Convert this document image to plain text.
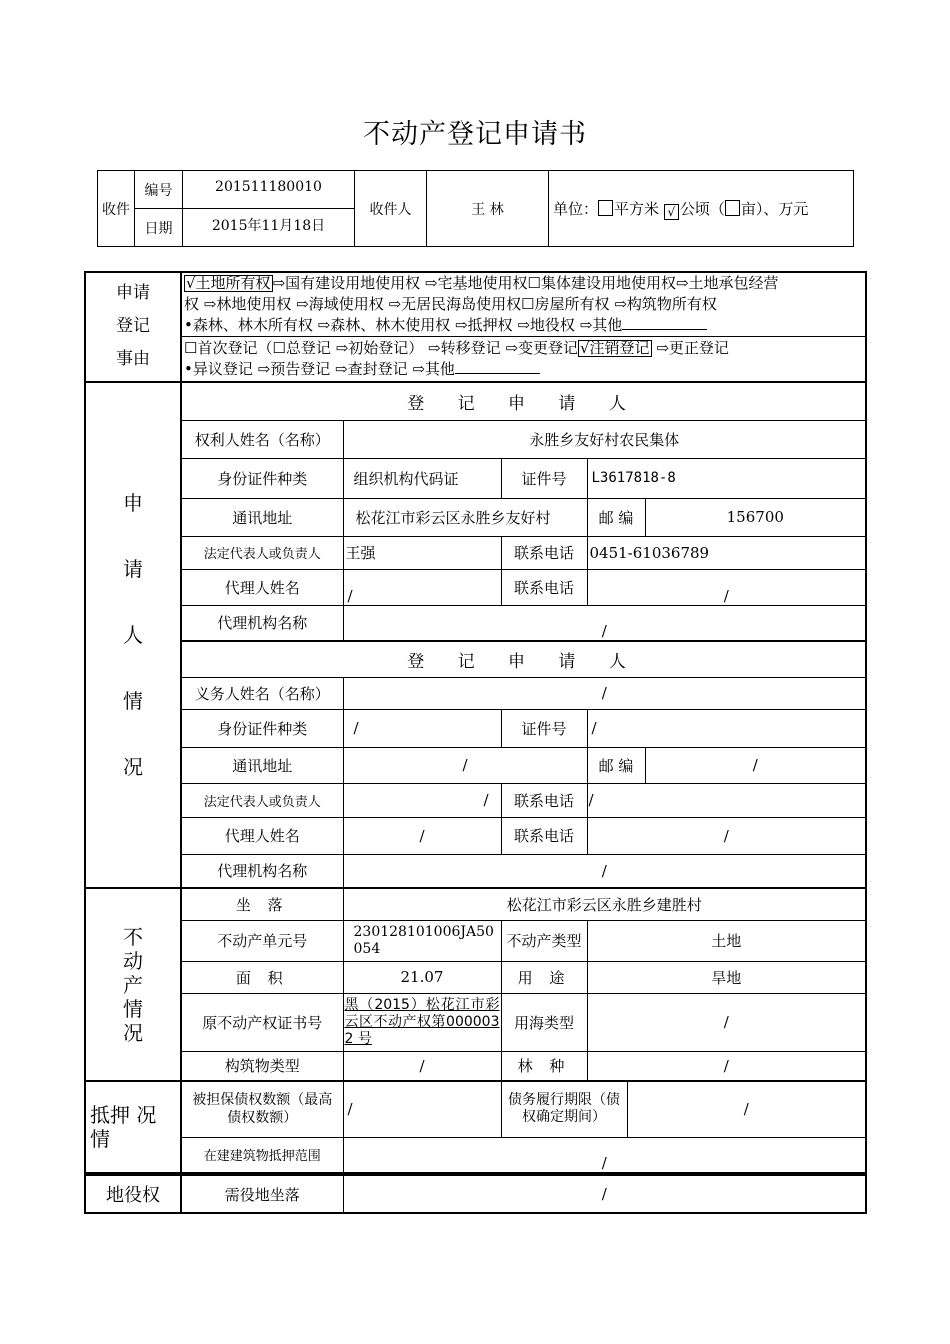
不动产登记申请书
收件	编号	201511180010	收件人	王 林	单位： 平方米 √ 公顷（ 亩）、万元
	日期	2015年11月18日			
申请
登记
事由

√土地所有权 ⇨国有建设用地使用权 ⇨宅基地使用权☐集体建设用地使用权⇨土地承包经营
权 ⇨林地使用权 ⇨海域使用权 ⇨无居民海岛使用权☐房屋所有权 ⇨构筑物所有权
•森林、林木所有权 ⇨森林、林木使用权 ⇨抵押权 ⇨地役权 ⇨其他

☐首次登记（☐总登记 ⇨初始登记） ⇨转移登记 ⇨变更登记 √注销登记 ⇨更正登记
•异议登记 ⇨预告登记 ⇨查封登记 ⇨其他
申
请
人
情
况	登 记 申 请 人				
	权利人姓名（名称）	永胜乡友好村农民集体			
	身份证件种类	组织机构代码证	证件号	L3617818-8	
	通讯地址	松花江市彩云区永胜乡友好村		邮 编	156700
	法定代表人或负责人	王强	联系电话	0451-61036789	
	代理人姓名	/	联系电话	/	
	代理机构名称	/			
	登 记 申 请 人				
	义务人姓名（名称）	/			
	身份证件种类	/	证件号	/	
	通讯地址	/		邮 编	/
	法定代表人或负责人	/	联系电话	/	
	代理人姓名	/	联系电话	/	
	代理机构名称	/			
不
动
产
情
况	坐 落	松花江市彩云区永胜乡建胜村		
	不动产单元号	230128101006JA50054	不动产类型	土地
	面 积	21.07	用 途	旱地
	原不动产权证书号	黑（2015）松花江市彩云区不动产权第0000032 号	用海类型	/
	构筑物类型	/	林 种	/
抵押 况情	被担保债权数额（最高债权数额）	/	债务履行期限（债权确定期间）	/
	在建建筑物抵押范围	/		
地役权	需役地坐落	/
